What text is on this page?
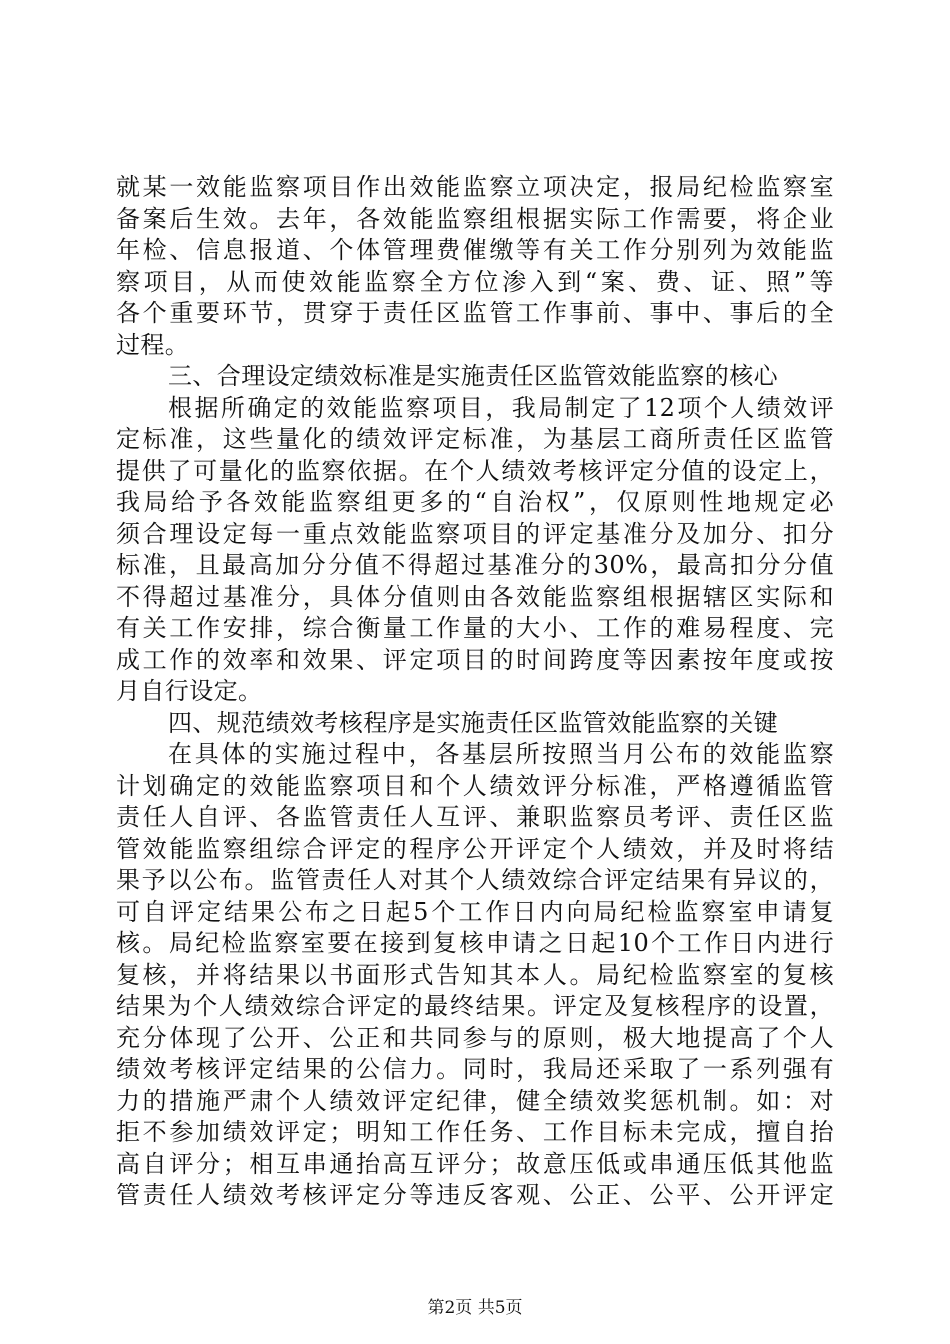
就某一效能监察项目作出效能监察立项决定，报局纪检监察室
备案后生效。去年，各效能监察组根据实际工作需要，将企业
年检、信息报道、个体管理费催缴等有关工作分别列为效能监
察项目，从而使效能监察全方位渗入到“案、费、证、照”等
各个重要环节，贯穿于责任区监管工作事前、事中、事后的全
过程。
三、合理设定绩效标准是实施责任区监管效能监察的核心
根据所确定的效能监察项目，我局制定了12项个人绩效评
定标准，这些量化的绩效评定标准，为基层工商所责任区监管
提供了可量化的监察依据。在个人绩效考核评定分值的设定上，
我局给予各效能监察组更多的“自治权”，仅原则性地规定必
须合理设定每一重点效能监察项目的评定基准分及加分、扣分
标准，且最高加分分值不得超过基准分的30%，最高扣分分值
不得超过基准分，具体分值则由各效能监察组根据辖区实际和
有关工作安排，综合衡量工作量的大小、工作的难易程度、完
成工作的效率和效果、评定项目的时间跨度等因素按年度或按
月自行设定。
四、规范绩效考核程序是实施责任区监管效能监察的关键
在具体的实施过程中，各基层所按照当月公布的效能监察
计划确定的效能监察项目和个人绩效评分标准，严格遵循监管
责任人自评、各监管责任人互评、兼职监察员考评、责任区监
管效能监察组综合评定的程序公开评定个人绩效，并及时将结
果予以公布。监管责任人对其个人绩效综合评定结果有异议的，
可自评定结果公布之日起5个工作日内向局纪检监察室申请复
核。局纪检监察室要在接到复核申请之日起10个工作日内进行
复核，并将结果以书面形式告知其本人。局纪检监察室的复核
结果为个人绩效综合评定的最终结果。评定及复核程序的设置，
充分体现了公开、公正和共同参与的原则，极大地提高了个人
绩效考核评定结果的公信力。同时，我局还采取了一系列强有
力的措施严肃个人绩效评定纪律，健全绩效奖惩机制。如：对
拒不参加绩效评定；明知工作任务、工作目标未完成，擅自抬
高自评分；相互串通抬高互评分；故意压低或串通压低其他监
管责任人绩效考核评定分等违反客观、公正、公平、公开评定
第2页 共5页
